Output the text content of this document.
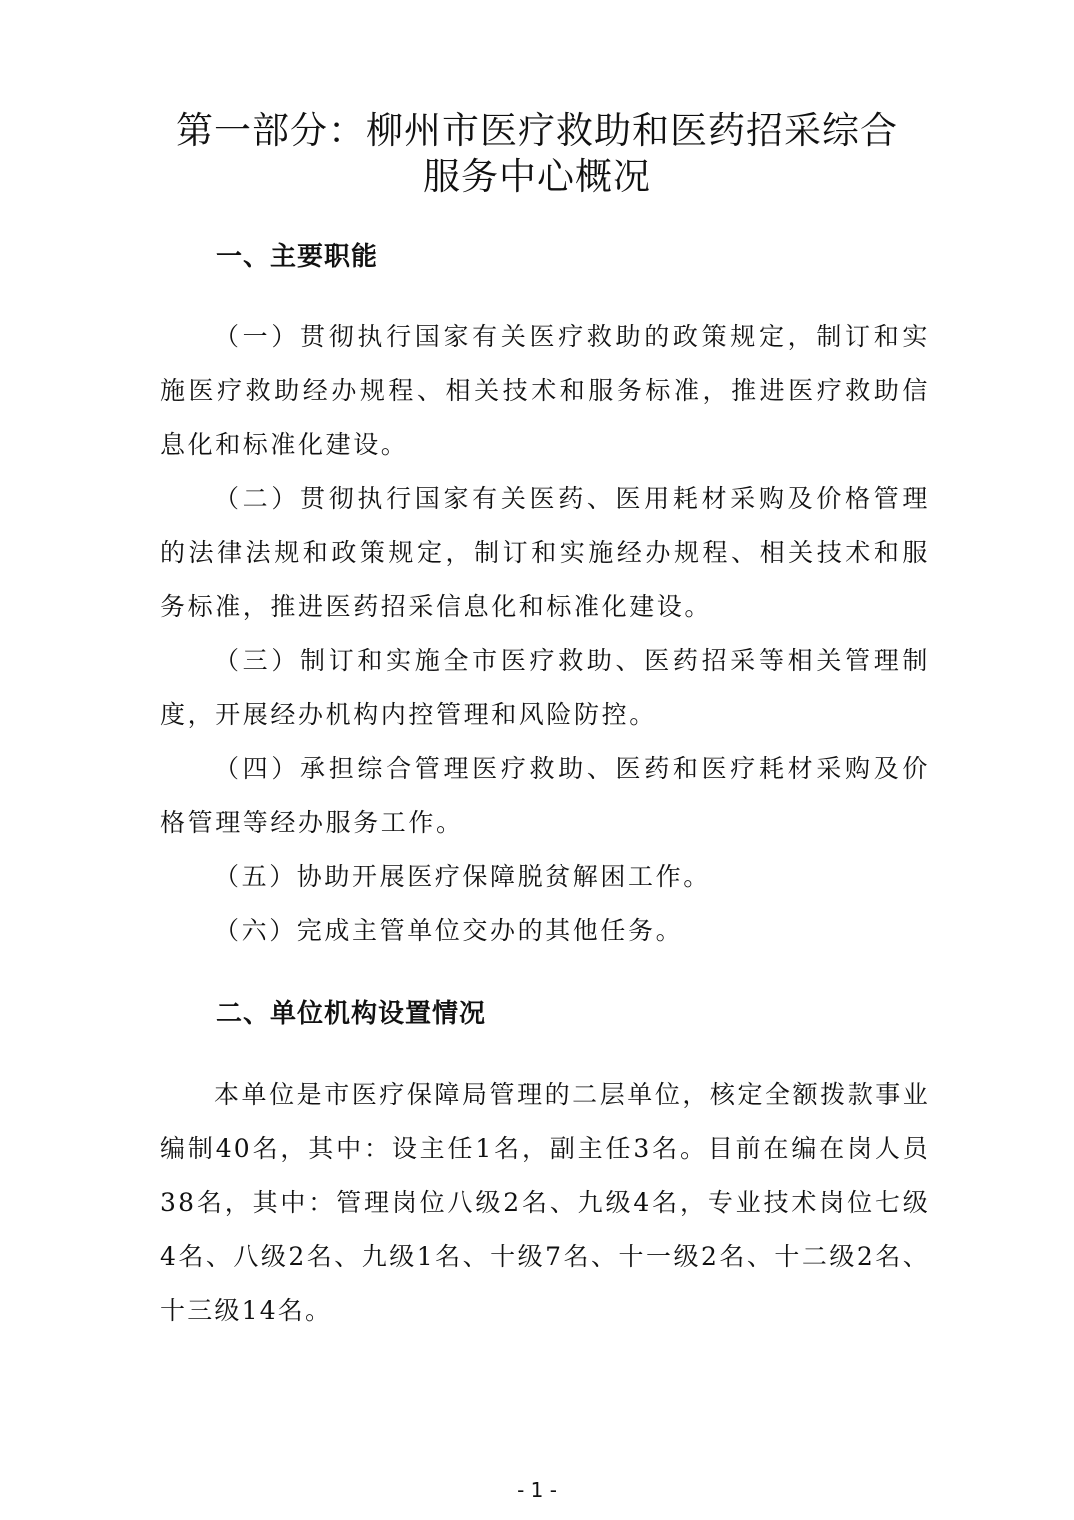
第一部分：柳州市医疗救助和医药招采综合
服务中心概况
一、主要职能

（一）贯彻执行国家有关医疗救助的政策规定，制订和实施医疗救助经办规程、相关技术和服务标准，推进医疗救助信息化和标准化建设。

（二）贯彻执行国家有关医药、医用耗材采购及价格管理的法律法规和政策规定，制订和实施经办规程、相关技术和服务标准，推进医药招采信息化和标准化建设。

（三）制订和实施全市医疗救助、医药招采等相关管理制度，开展经办机构内控管理和风险防控。

（四）承担综合管理医疗救助、医药和医疗耗材采购及价格管理等经办服务工作。

（五）协助开展医疗保障脱贫解困工作。

（六）完成主管单位交办的其他任务。

二、单位机构设置情况

本单位是市医疗保障局管理的二层单位，核定全额拨款事业编制40名，其中：设主任1名，副主任3名。目前在编在岗人员38名，其中：管理岗位八级2名、九级4名，专业技术岗位七级4名、八级2名、九级1名、十级7名、十一级2名、十二级2名、十三级14名。

- 1 -
